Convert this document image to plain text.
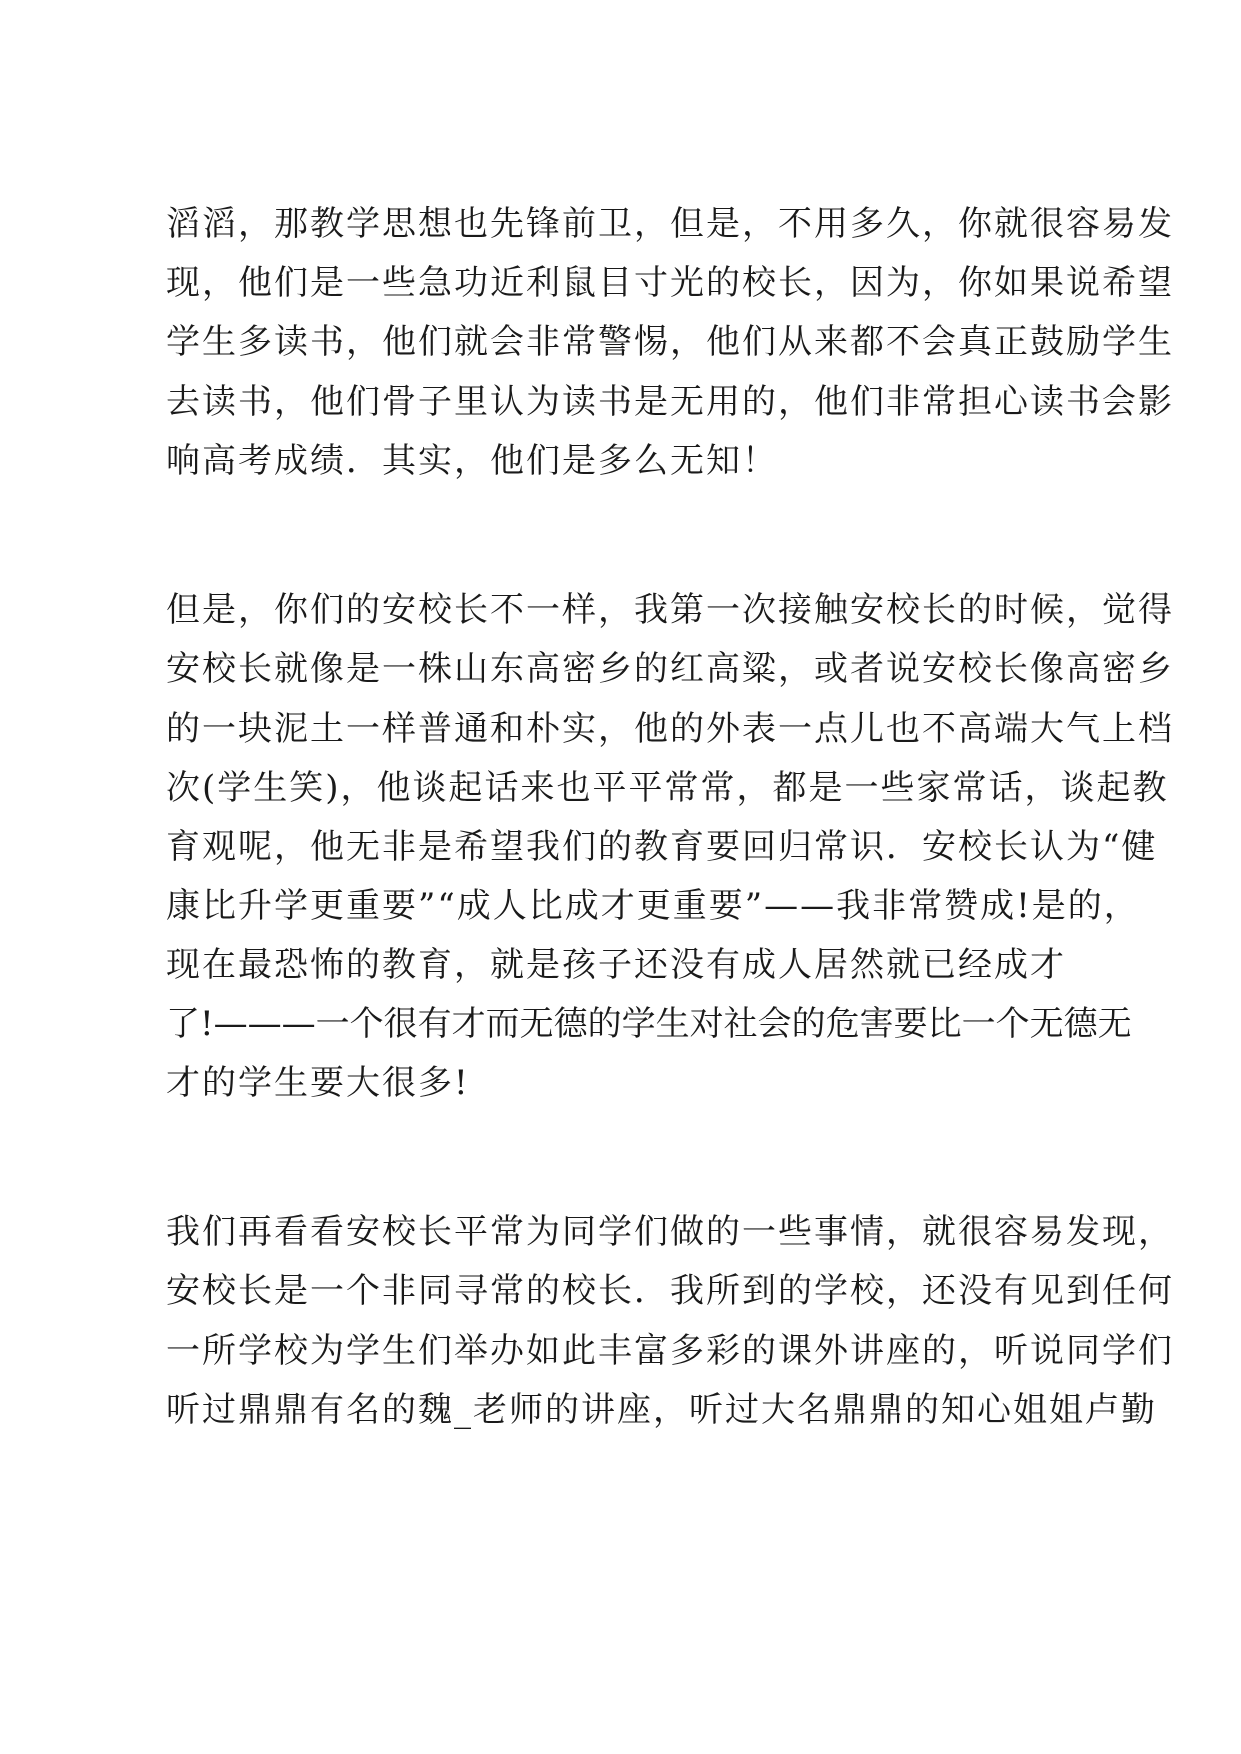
滔滔，那教学思想也先锋前卫，但是，不用多久，你就很容易发

现，他们是一些急功近利鼠目寸光的校长，因为，你如果说希望

学生多读书，他们就会非常警惕，他们从来都不会真正鼓励学生

去读书，他们骨子里认为读书是无用的，他们非常担心读书会影

响高考成绩．其实，他们是多么无知！

但是，你们的安校长不一样，我第一次接触安校长的时候，觉得

安校长就像是一株山东高密乡的红高粱，或者说安校长像高密乡

的一块泥土一样普通和朴实，他的外表一点儿也不高端大气上档

次(学生笑)，他谈起话来也平平常常，都是一些家常话，谈起教

育观呢，他无非是希望我们的教育要回归常识．安校长认为“健

康比升学更重要”“成人比成才更重要”——我非常赞成!是的，

现在最恐怖的教育，就是孩子还没有成人居然就已经成才

了!———一个很有才而无德的学生对社会的危害要比一个无德无

才的学生要大很多!

我们再看看安校长平常为同学们做的一些事情，就很容易发现，

安校长是一个非同寻常的校长．我所到的学校，还没有见到任何

一所学校为学生们举办如此丰富多彩的课外讲座的，听说同学们

听过鼎鼎有名的魏_老师的讲座，听过大名鼎鼎的知心姐姐卢勤
